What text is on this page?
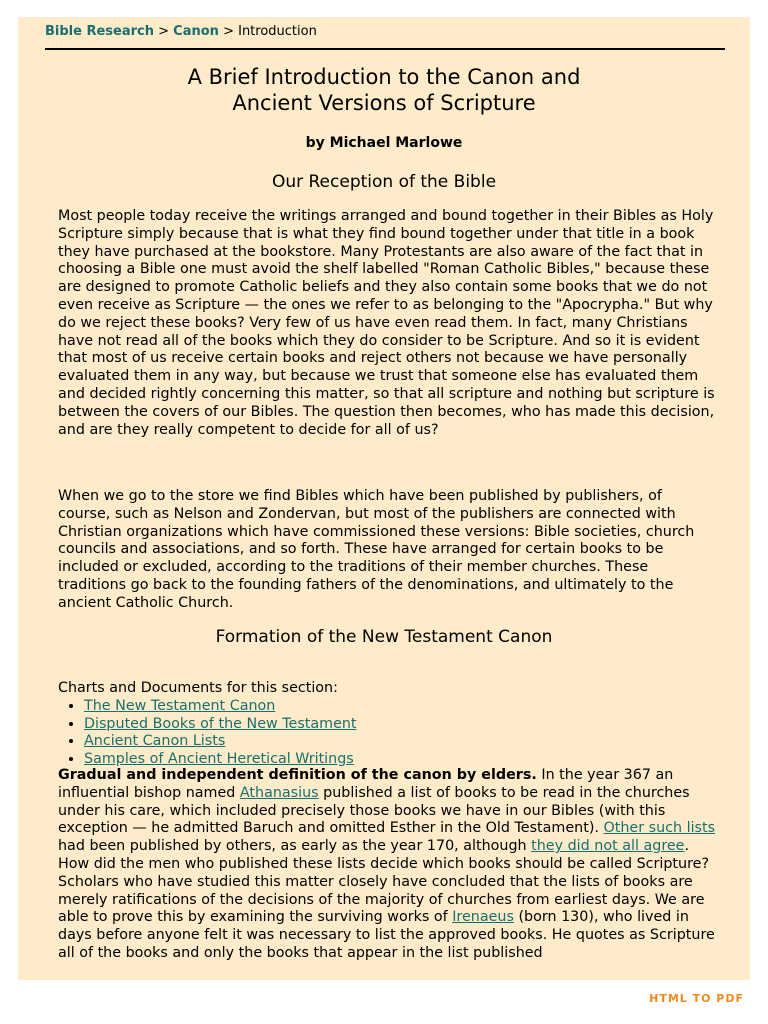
Bible Research > Canon > Introduction
A Brief Introduction to the Canon and
Ancient Versions of Scripture
by Michael Marlowe
Our Reception of the Bible

Most people today receive the writings arranged and bound together in their Bibles as Holy Scripture simply because that is what they find bound together under that title in a book they have purchased at the bookstore. Many Protestants are also aware of the fact that in choosing a Bible one must avoid the shelf labelled "Roman Catholic Bibles," because these are designed to promote Catholic beliefs and they also contain some books that we do not even receive as Scripture — the ones we refer to as belonging to the "Apocrypha." But why do we reject these books? Very few of us have even read them. In fact, many Christians have not read all of the books which they do consider to be Scripture. And so it is evident that most of us receive certain books and reject others not because we have personally evaluated them in any way, but because we trust that someone else has evaluated them and decided rightly concerning this matter, so that all scripture and nothing but scripture is between the covers of our Bibles. The question then becomes, who has made this decision, and are they really competent to decide for all of us?

When we go to the store we find Bibles which have been published by publishers, of course, such as Nelson and Zondervan, but most of the publishers are connected with Christian organizations which have commissioned these versions: Bible societies, church councils and associations, and so forth. These have arranged for certain books to be included or excluded, according to the traditions of their member churches. These traditions go back to the founding fathers of the denominations, and ultimately to the ancient Catholic Church.

Formation of the New Testament Canon
Charts and Documents for this section:
• The New Testament Canon
• Disputed Books of the New Testament
• Ancient Canon Lists
• Samples of Ancient Heretical Writings

Gradual and independent definition of the canon by elders. In the year 367 an influential bishop named Athanasius published a list of books to be read in the churches under his care, which included precisely those books we have in our Bibles (with this exception — he admitted Baruch and omitted Esther in the Old Testament). Other such lists had been published by others, as early as the year 170, although they did not all agree. How did the men who published these lists decide which books should be called Scripture? Scholars who have studied this matter closely have concluded that the lists of books are merely ratifications of the decisions of the majority of churches from earliest days. We are able to prove this by examining the surviving works of Irenaeus (born 130), who lived in days before anyone felt it was necessary to list the approved books. He quotes as Scripture all of the books and only the books that appear in the list published

HTML TO PDF
